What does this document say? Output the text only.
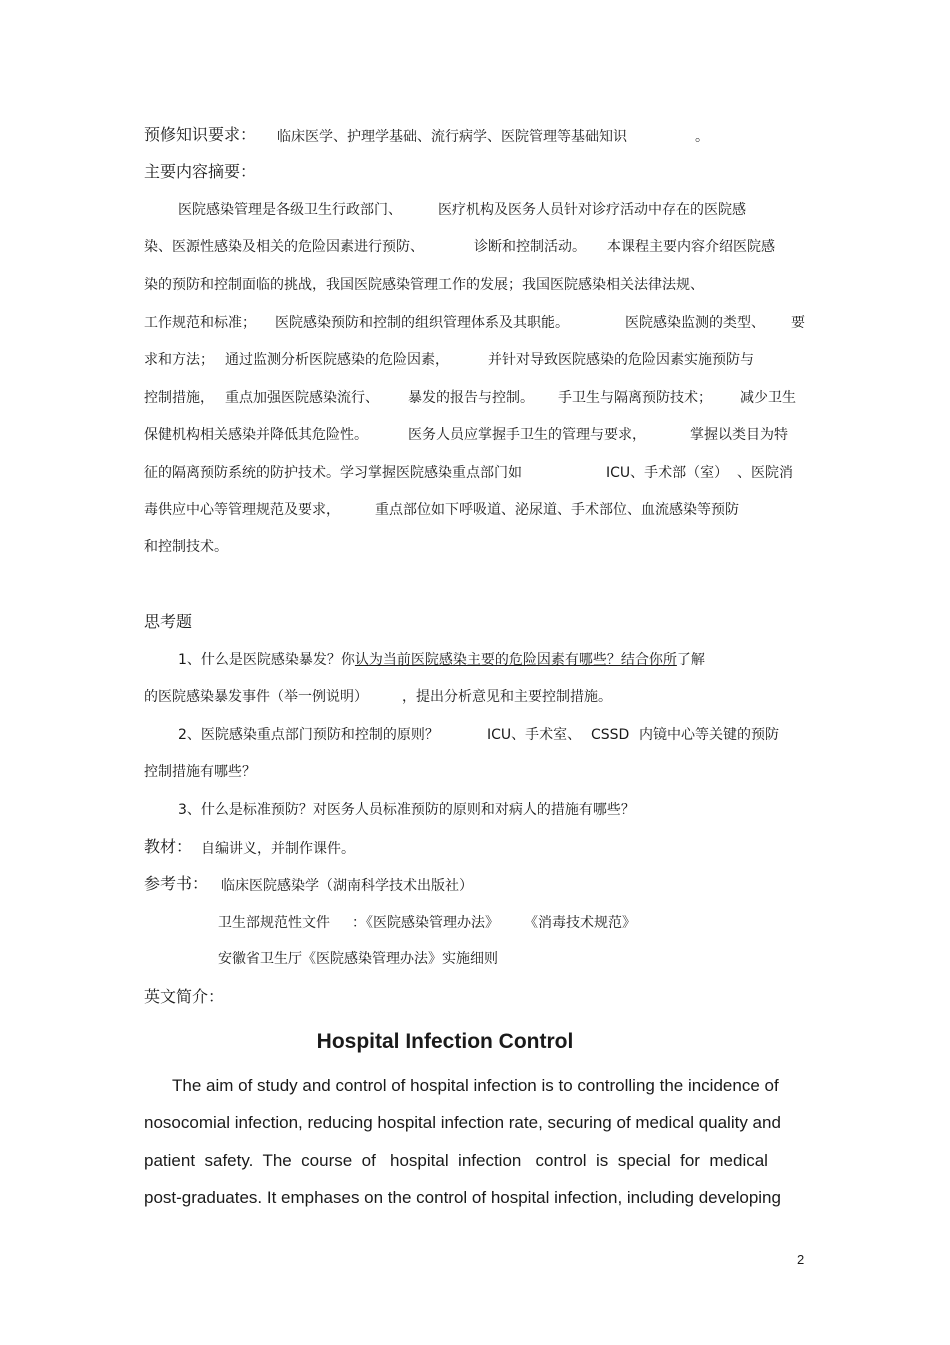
预修知识要求： 临床医学、护理学基础、流行病学、医院管理等基础知识	。
主要内容摘要：
医院感染管理是各级卫生行政部门、	医疗机构及医务人员针对诊疗活动中存在的医院感
染、医源性感染及相关的危险因素进行预防、	诊断和控制活动。 本课程主要内容介绍医院感
染的预防和控制面临的挑战，我国医院感染管理工作的发展；我国医院感染相关法律法规、
工作规范和标准； 医院感染预防和控制的组织管理体系及其职能。	医院感染监测的类型、 要
求和方法； 通过监测分析医院感染的危险因素，	并针对导致医院感染的危险因素实施预防与
控制措施， 重点加强医院感染流行、 暴发的报告与控制。 手卫生与隔离预防技术； 减少卫生
保健机构相关感染并降低其危险性。	医务人员应掌握手卫生的管理与要求，	掌握以类目为特
征的隔离预防系统的防护技术。学习掌握医院感染重点部门如	ICU、手术部（室） 、医院消
毒供应中心等管理规范及要求，	重点部位如下呼吸道、泌尿道、手术部位、血流感染等预防
和控制技术。
思考题
1、什么是医院感染暴发？你认为当前医院感染主要的危险因素有哪些？结合你所了解
的医院感染暴发事件（举一例说明） ，提出分析意见和主要控制措施。
2、医院感染重点部门预防和控制的原则？	ICU、手术室、 CSSD 内镜中心等关键的预防
控制措施有哪些？
3、什么是标准预防？对医务人员标准预防的原则和对病人的措施有哪些？
教材： 自编讲义，并制作课件。
参考书： 临床医院感染学（湖南科学技术出版社）
卫生部规范性文件 ：《医院感染管理办法》 《消毒技术规范》
安徽省卫生厅《医院感染管理办法》实施细则
英文简介：
Hospital Infection Control
The aim of study and control of hospital infection is to controlling the incidence of
nosocomial infection, reducing hospital infection rate, securing of medical quality and
patient  safety.  The  course  of   hospital  infection   control  is  special  for  medical
post-graduates. It emphases on the control of hospital infection, including developing
2
